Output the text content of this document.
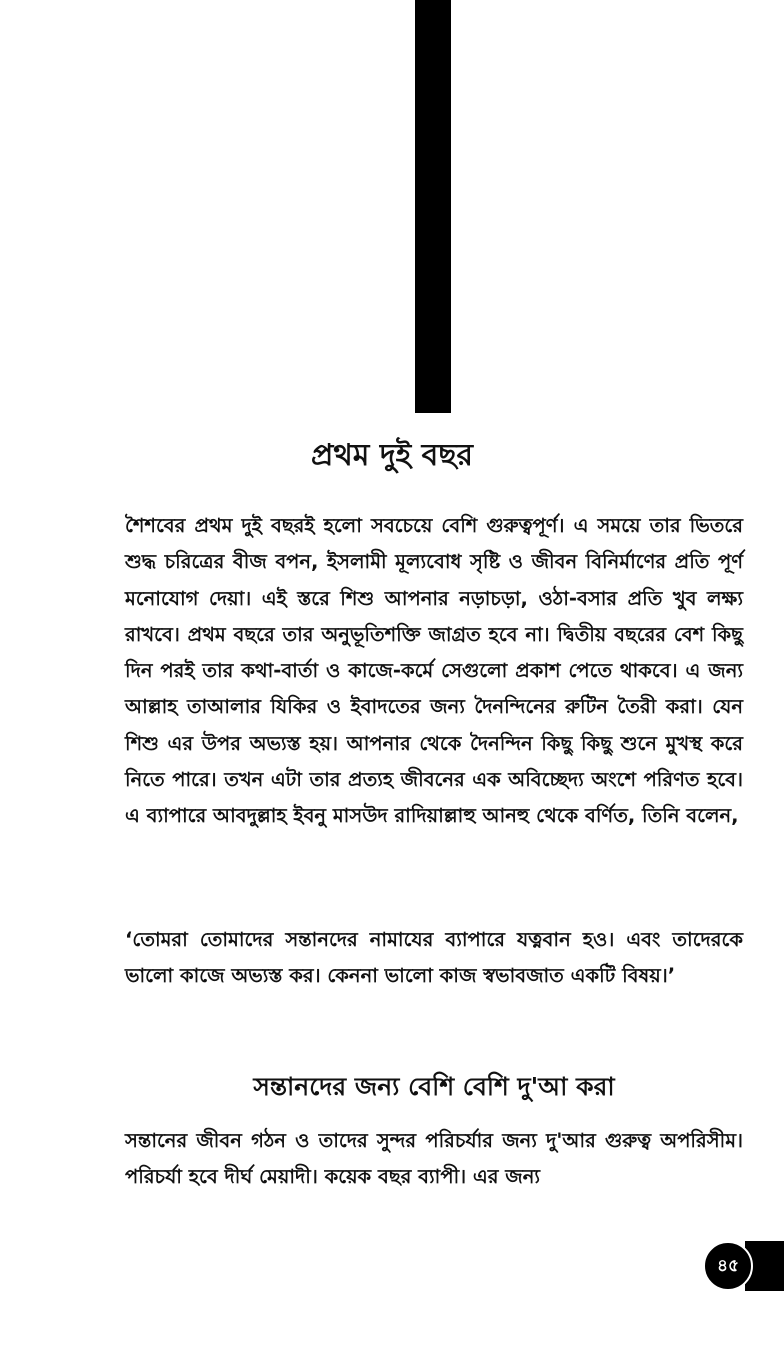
প্রথম দুই বছর

শৈশবের প্রথম দুই বছরই হলো সবচেয়ে বেশি গুরুত্বপূর্ণ। এ সময়ে তার ভিতরে শুদ্ধ চরিত্রের বীজ বপন, ইসলামী মূল্যবোধ সৃষ্টি ও জীবন বিনির্মাণের প্রতি পূর্ণ মনোযোগ দেয়া। এই স্তরে শিশু আপনার নড়াচড়া, ওঠা-বসার প্রতি খুব লক্ষ্য রাখবে। প্রথম বছরে তার অনুভূতিশক্তি জাগ্রত হবে না। দ্বিতীয় বছরের বেশ কিছু দিন পরই তার কথা-বার্তা ও কাজে-কর্মে সেগুলো প্রকাশ পেতে থাকবে। এ জন্য আল্লাহ তাআলার যিকির ও ইবাদতের জন্য দৈনন্দিনের রুটিন তৈরী করা। যেন শিশু এর উপর অভ্যস্ত হয়। আপনার থেকে দৈনন্দিন কিছু কিছু শুনে মুখস্থ করে নিতে পারে। তখন এটা তার প্রত্যহ জীবনের এক অবিচ্ছেদ্য অংশে পরিণত হবে। এ ব্যাপারে আবদুল্লাহ ইবনু মাসউদ রাদিয়াল্লাহু আনহু থেকে বর্ণিত, তিনি বলেন,

‘তোমরা তোমাদের সন্তানদের নামাযের ব্যাপারে যত্নবান হও। এবং তাদেরকে ভালো কাজে অভ্যস্ত কর। কেননা ভালো কাজ স্বভাবজাত একটি বিষয়।’

সন্তানদের জন্য বেশি বেশি দু'আ করা

সন্তানের জীবন গঠন ও তাদের সুন্দর পরিচর্যার জন্য দু'আর গুরুত্ব অপরিসীম। পরিচর্যা হবে দীর্ঘ মেয়াদী। কয়েক বছর ব্যাপী। এর জন্য

৪৫
